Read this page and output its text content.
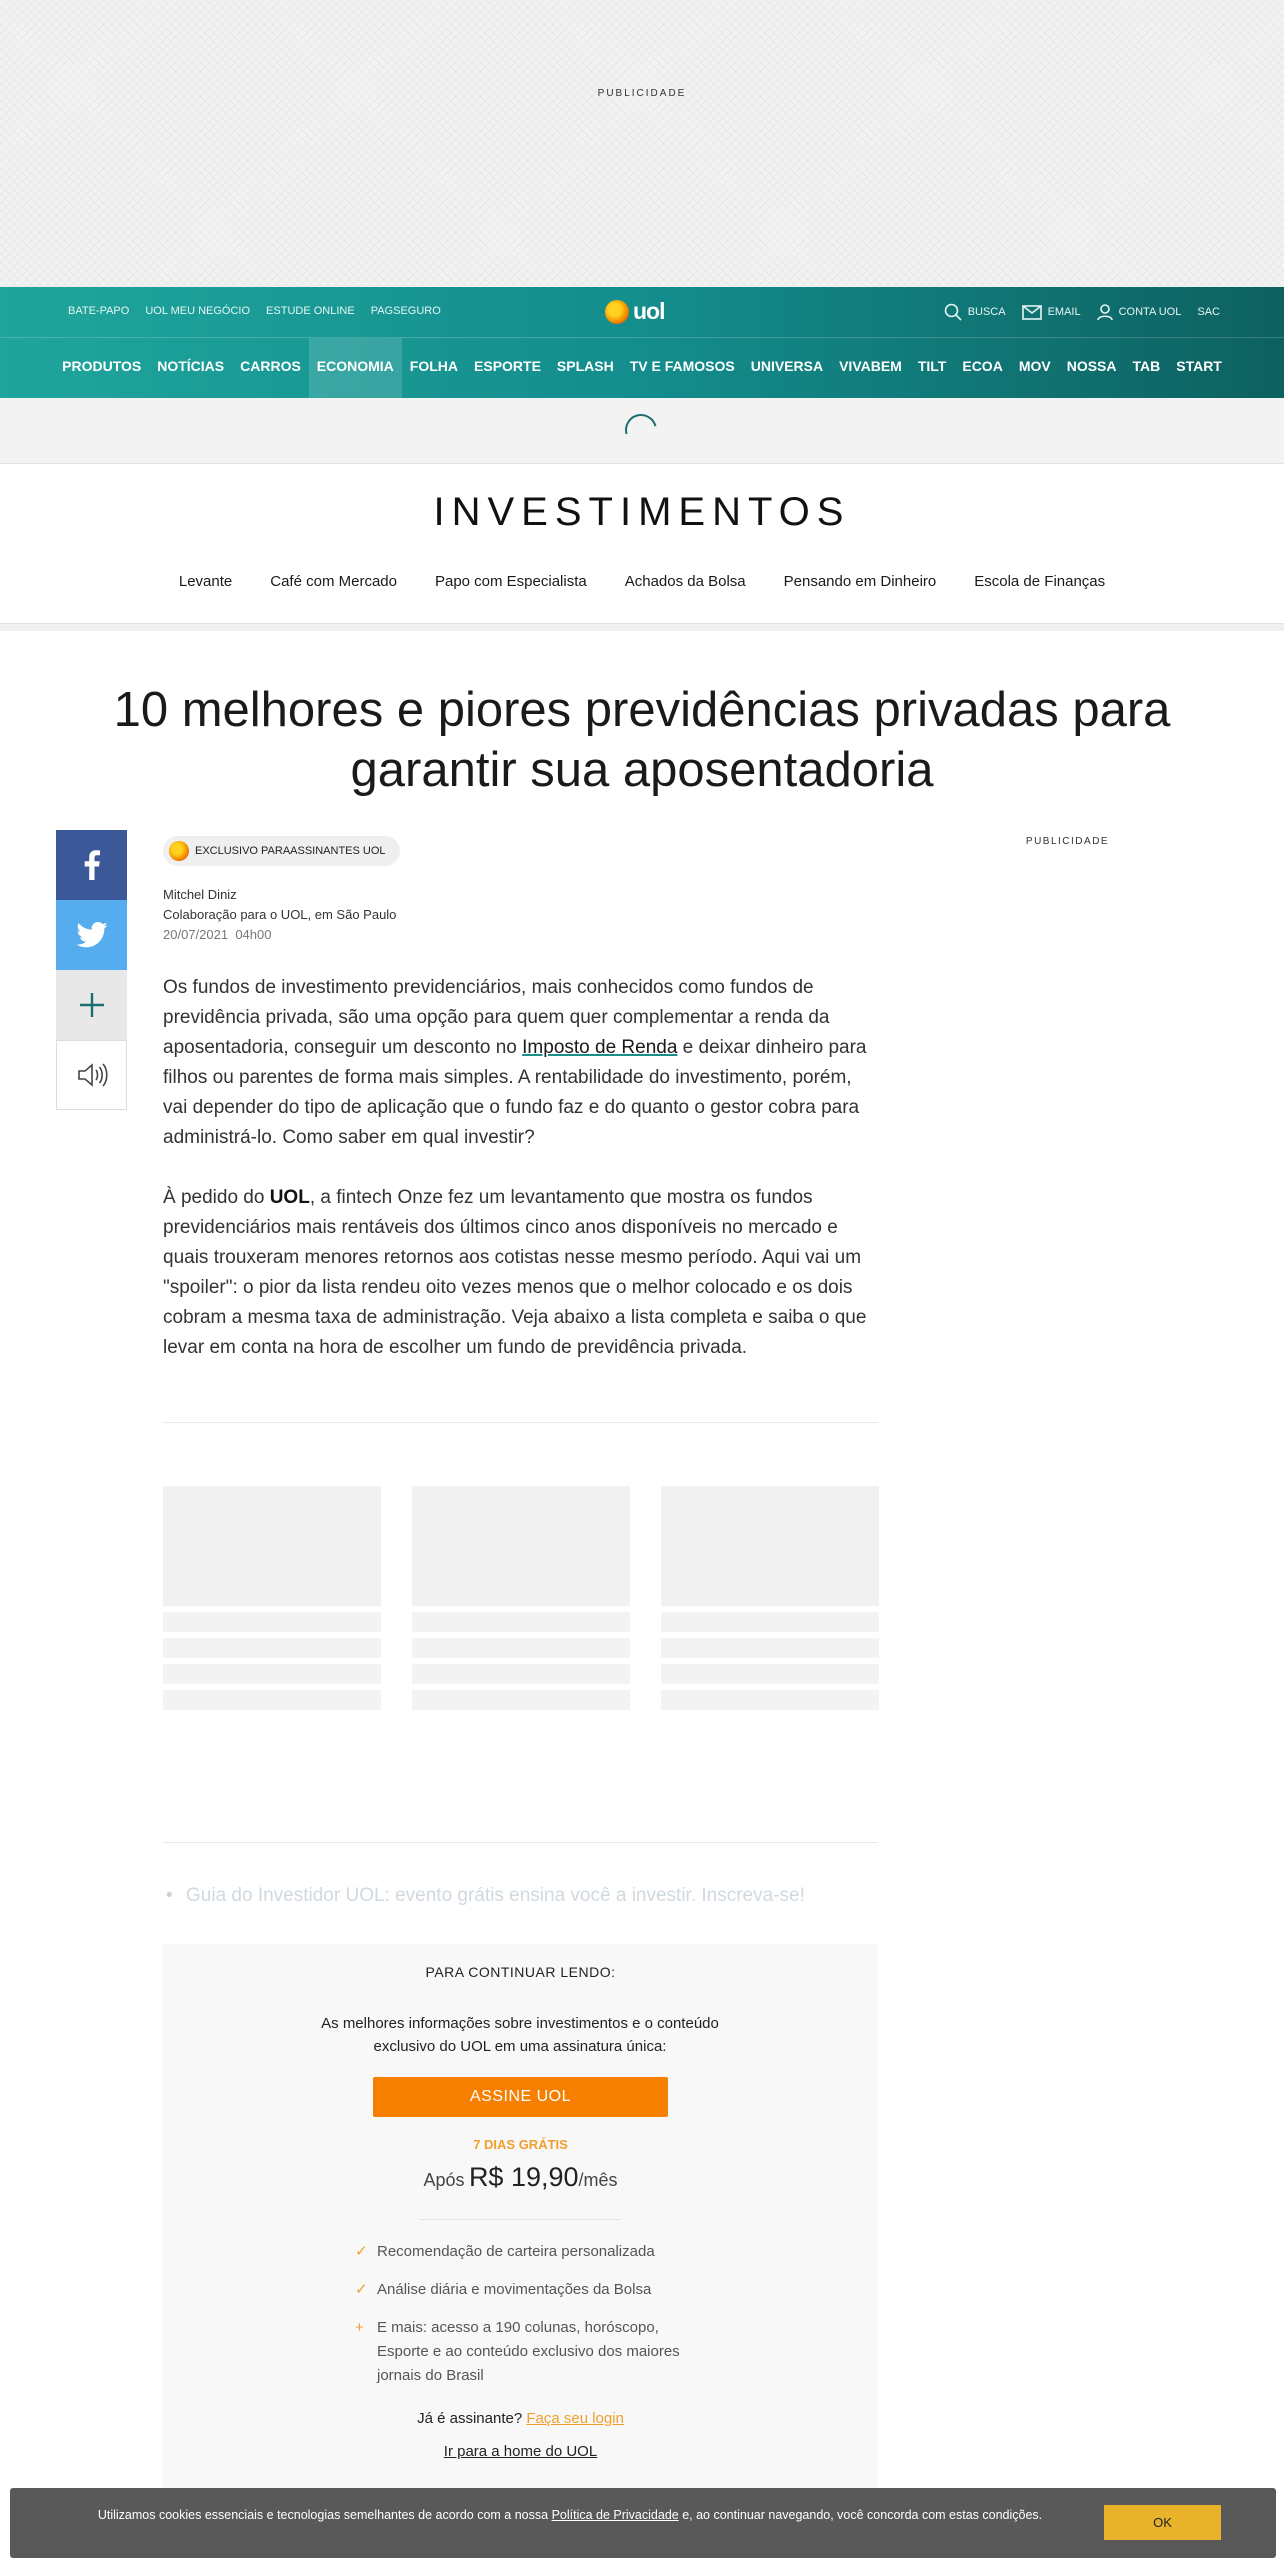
PUBLICIDADE
BATE-PAPO UOL MEU NEGÓCIO ESTUDE ONLINE PAGSEGURO	uol	BUSCA	EMAIL	CONTA UOL SAC
PRODUTOS	NOTÍCIAS	CARROS	ECONOMIA	FOLHA	ESPORTE	SPLASH	TV E FAMOSOS	UNIVERSA	VIVABEM	TILT	ECOA	MOV	NOSSA	TAB	START
INVESTIMENTOS
Levante	Café com Mercado	Papo com Especialista	Achados da Bolsa	Pensando em Dinheiro	Escola de Finanças
10 melhores e piores previdências privadas para garantir sua aposentadoria
EXCLUSIVO PARAASSINANTES UOL
Mitchel Diniz
Colaboração para o UOL, em São Paulo
20/07/2021 04h00
PUBLICIDADE

Os fundos de investimento previdenciários, mais conhecidos como fundos de previdência privada, são uma opção para quem quer complementar a renda da aposentadoria, conseguir um desconto no Imposto de Renda e deixar dinheiro para filhos ou parentes de forma mais simples. A rentabilidade do investimento, porém, vai depender do tipo de aplicação que o fundo faz e do quanto o gestor cobra para administrá-lo. Como saber em qual investir?

À pedido do UOL, a fintech Onze fez um levantamento que mostra os fundos previdenciários mais rentáveis dos últimos cinco anos disponíveis no mercado e quais trouxeram menores retornos aos cotistas nesse mesmo período. Aqui vai um "spoiler": o pior da lista rendeu oito vezes menos que o melhor colocado e os dois cobram a mesma taxa de administração. Veja abaixo a lista completa e saiba o que levar em conta na hora de escolher um fundo de previdência privada.

• Guia do Investidor UOL: evento grátis ensina você a investir. Inscreva-se!
PARA CONTINUAR LENDO:
As melhores informações sobre investimentos e o conteúdo exclusivo do UOL em uma assinatura única:
ASSINE UOL
7 DIAS GRÁTIS
Após R$ 19,90/mês
✓ Recomendação de carteira personalizada
✓ Análise diária e movimentações da Bolsa
+ E mais: acesso a 190 colunas, horóscopo, Esporte e ao conteúdo exclusivo dos maiores jornais do Brasil
Já é assinante? Faça seu login
Ir para a home do UOL
Utilizamos cookies essenciais e tecnologias semelhantes de acordo com a nossa Política de Privacidade e, ao continuar navegando, você concorda com estas condições.	OK
